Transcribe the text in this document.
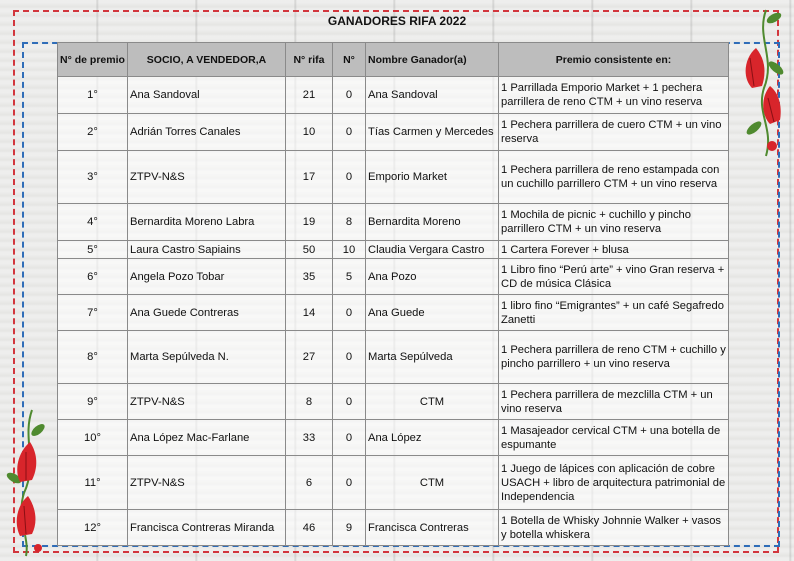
GANADORES RIFA 2022
N° de premio	SOCIO, A VENDEDOR,A	N° rifa	N°	Nombre Ganador(a)	Premio consistente en:
1°	Ana Sandoval	21	0	Ana Sandoval	1 Parrillada Emporio Market + 1 pechera parrillera de reno CTM + un vino reserva
2°	Adrián Torres Canales	10	0	Tías Carmen y Mercedes	1 Pechera parrillera de cuero CTM + un vino reserva
3°	ZTPV-N&S	17	0	Emporio Market	1 Pechera parrillera de reno estampada con un cuchillo parrillero CTM + un vino reserva
4°	Bernardita Moreno Labra	19	8	Bernardita Moreno	1 Mochila de picnic + cuchillo y pincho parrillero CTM + un vino reserva
5°	Laura Castro Sapiains	50	10	Claudia Vergara Castro	1 Cartera Forever + blusa
6°	Angela Pozo Tobar	35	5	Ana Pozo	1 Libro fino “Perú arte” + vino Gran reserva + CD de música Clásica
7°	Ana Guede Contreras	14	0	Ana Guede	1 libro fino “Emigrantes” + un café Segafredo Zanetti
8°	Marta Sepúlveda N.	27	0	Marta Sepúlveda	1 Pechera parrillera de reno CTM + cuchillo y pincho parrillero + un vino reserva
9°	ZTPV-N&S	8	0	CTM	1 Pechera parrillera de mezclilla CTM + un vino reserva
10°	Ana López Mac-Farlane	33	0	Ana López	1 Masajeador cervical CTM + una botella de espumante
11°	ZTPV-N&S	6	0	CTM	1 Juego de lápices con aplicación de cobre USACH + libro de arquitectura patrimonial de Independencia
12°	Francisca Contreras Miranda	46	9	Francisca Contreras	1 Botella de Whisky Johnnie Walker + vasos y botella whiskera
